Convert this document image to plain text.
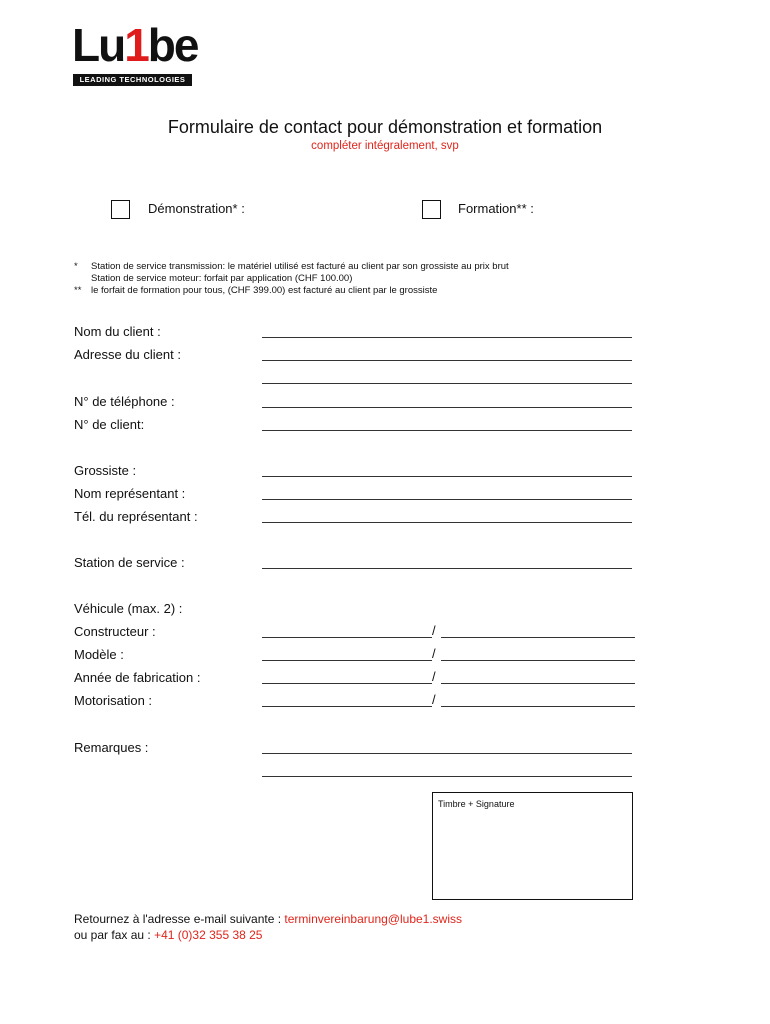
Lu1be
LEADING TECHNOLOGIES
Formulaire de contact pour démonstration et formation
compléter intégralement, svp
Démonstration* :	Formation** :
* Station de service transmission: le matériel utilisé est facturé au client par son grossiste au prix brut
Station de service moteur: forfait par application (CHF 100.00)
** le forfait de formation pour tous, (CHF 399.00) est facturé au client par le grossiste
Nom du client :
Adresse du client :
N° de téléphone :
N° de client:
Grossiste :
Nom représentant :
Tél. du représentant :
Station de service :
Véhicule (max. 2) :
Constructeur :	/
Modèle :	/
Année de fabrication :	/
Motorisation :	/
Remarques :
Timbre + Signature
Retournez à l'adresse e-mail suivante : terminvereinbarung@lube1.swiss
ou par fax au : +41 (0)32 355 38 25
